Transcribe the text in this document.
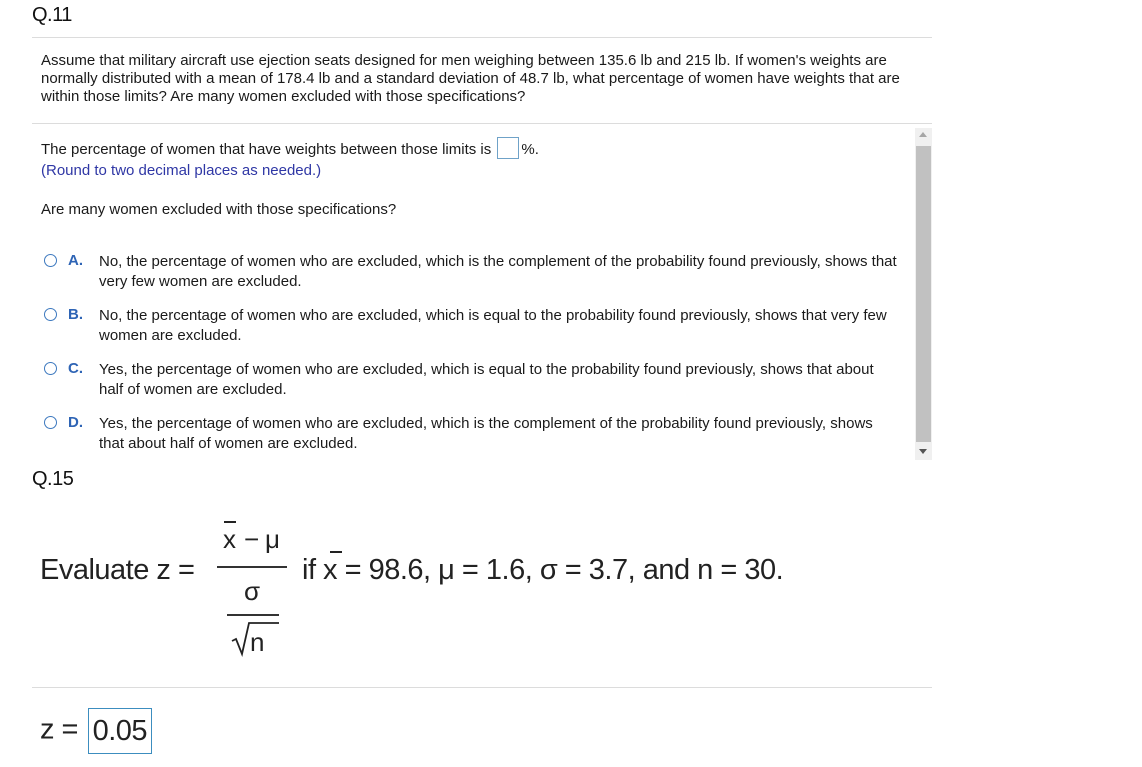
Q.11
Assume that military aircraft use ejection seats designed for men weighing between 135.6 lb and 215 lb. If women's weights are normally distributed with a mean of 178.4 lb and a standard deviation of 48.7 lb, what percentage of women have weights that are within those limits? Are many women excluded with those specifications?
The percentage of women that have weights between those limits is %.
(Round to two decimal places as needed.)
Are many women excluded with those specifications?
A. No, the percentage of women who are excluded, which is the complement of the probability found previously, shows that very few women are excluded.
B. No, the percentage of women who are excluded, which is equal to the probability found previously, shows that very few women are excluded.
C. Yes, the percentage of women who are excluded, which is equal to the probability found previously, shows that about half of women are excluded.
D. Yes, the percentage of women who are excluded, which is the complement of the probability found previously, shows that about half of women are excluded.
Q.15
Evaluate z =
x − μ
σ
n
if x = 98.6, μ = 1.6, σ = 3.7, and n = 30.
z = 0.05
